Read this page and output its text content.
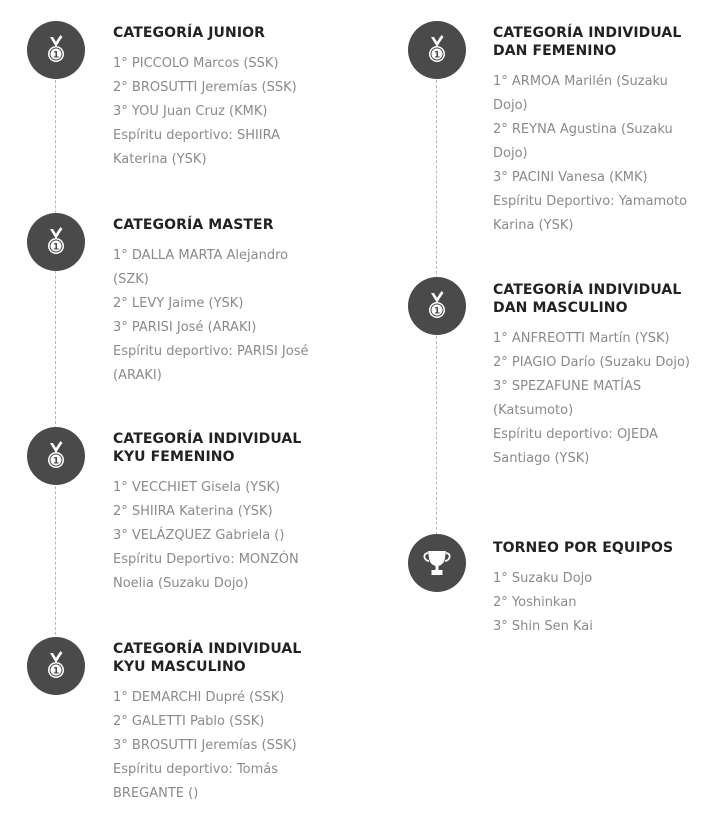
1
CATEGORÍA JUNIOR
1° PICCOLO Marcos (SSK)
2° BROSUTTI Jeremías (SSK)
3° YOU Juan Cruz (KMK)
Espíritu deportivo: SHIIRA Katerina (YSK)
1
CATEGORÍA MASTER
1° DALLA MARTA Alejandro (SZK)
2° LEVY Jaime (YSK)
3° PARISI José (ARAKI)
Espíritu deportivo: PARISI José (ARAKI)
1
CATEGORÍA INDIVIDUAL KYU FEMENINO
1° VECCHIET Gisela (YSK)
2° SHIIRA Katerina (YSK)
3° VELÁZQUEZ Gabriela ()
Espíritu Deportivo: MONZÓN Noelia (Suzaku Dojo)
1
CATEGORÍA INDIVIDUAL KYU MASCULINO
1° DEMARCHI Dupré (SSK)
2° GALETTI Pablo (SSK)
3° BROSUTTI Jeremías (SSK)
Espíritu deportivo: Tomás BREGANTE ()
1
CATEGORÍA INDIVIDUAL DAN FEMENINO
1° ARMOA Marilén (Suzaku Dojo)
2° REYNA Agustina (Suzaku Dojo)
3° PACINI Vanesa (KMK)
Espíritu Deportivo: Yamamoto Karina (YSK)
1
CATEGORÍA INDIVIDUAL DAN MASCULINO
1° ANFREOTTI Martín (YSK)
2° PIAGIO Darío (Suzaku Dojo)
3° SPEZAFUNE MATÍAS (Katsumoto)
Espíritu deportivo: OJEDA Santiago (YSK)
TORNEO POR EQUIPOS
1° Suzaku Dojo
2° Yoshinkan
3° Shin Sen Kai
